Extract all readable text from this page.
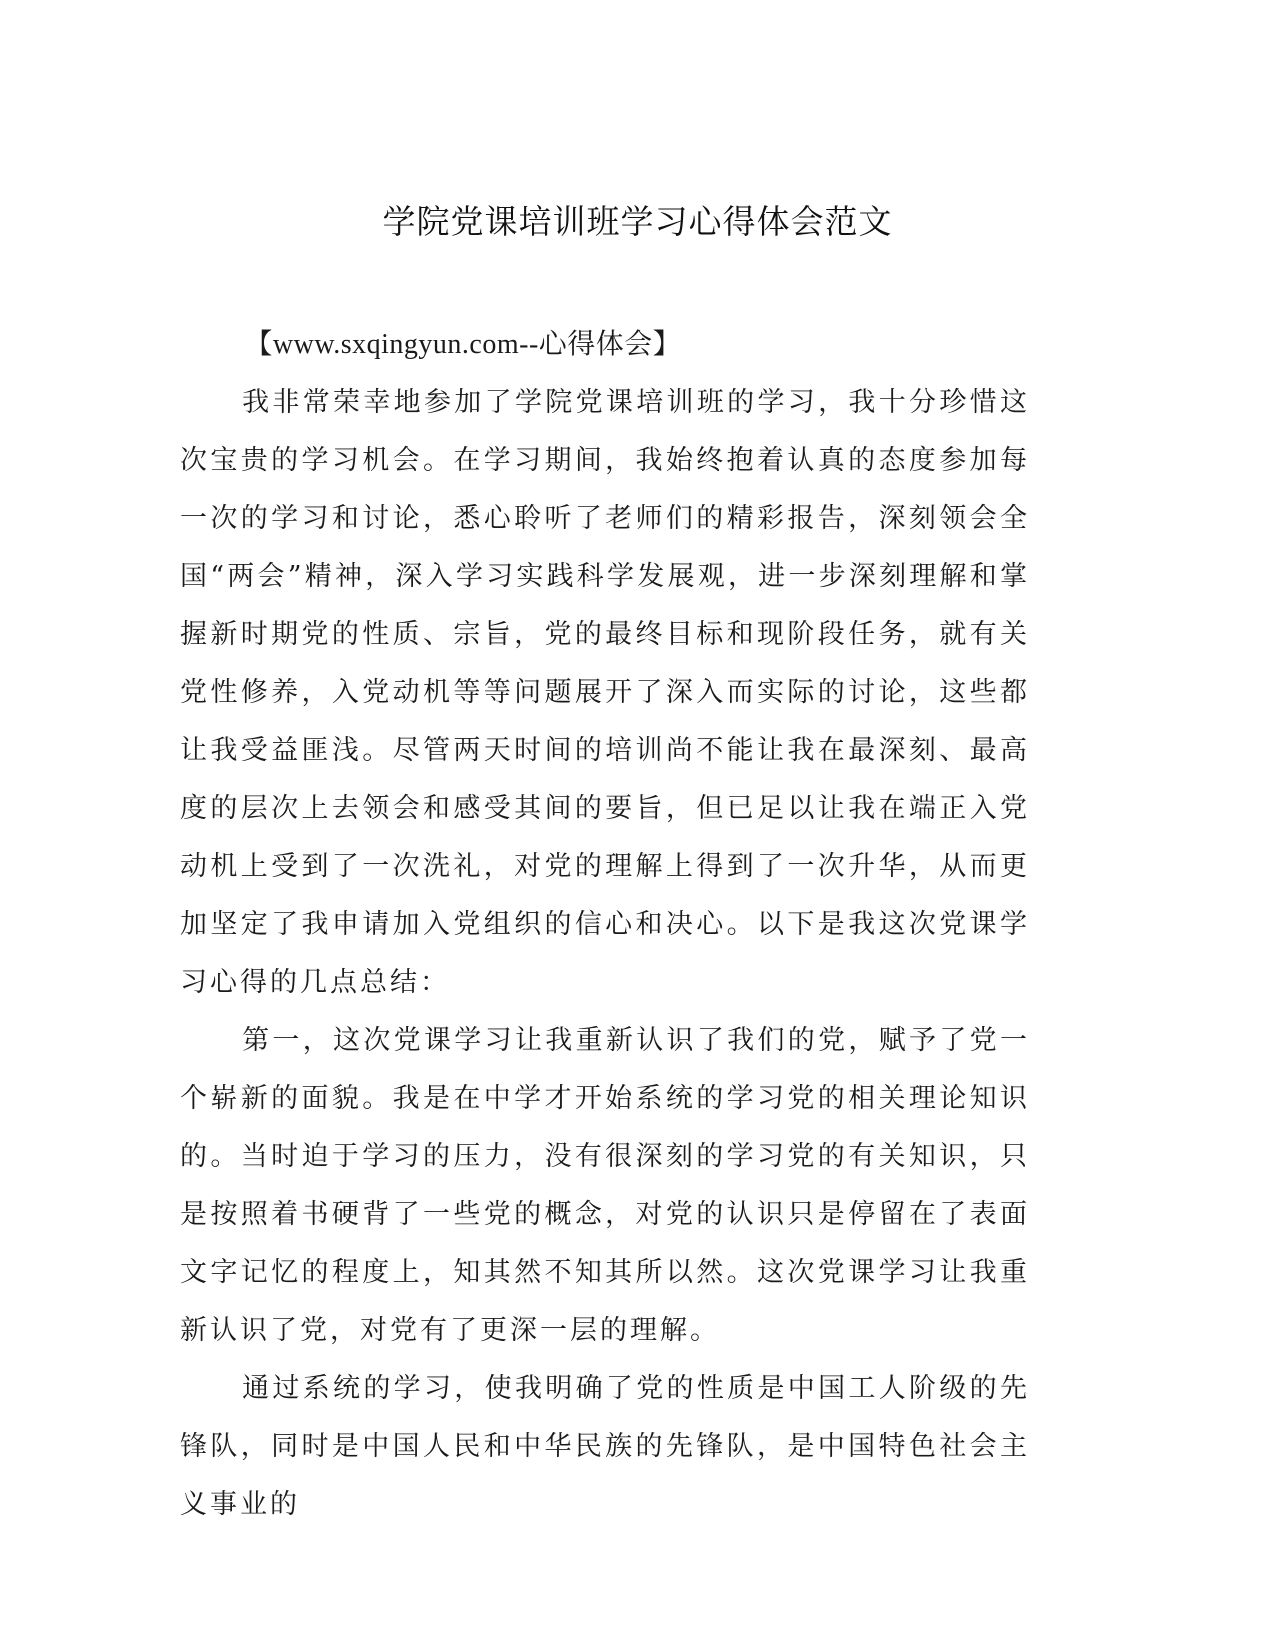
学院党课培训班学习心得体会范文

【www.sxqingyun.com--心得体会】

我非常荣幸地参加了学院党课培训班的学习，我十分珍惜这次宝贵的学习机会。在学习期间，我始终抱着认真的态度参加每一次的学习和讨论，悉心聆听了老师们的精彩报告，深刻领会全国“两会”精神，深入学习实践科学发展观，进一步深刻理解和掌握新时期党的性质、宗旨，党的最终目标和现阶段任务，就有关党性修养，入党动机等等问题展开了深入而实际的讨论，这些都让我受益匪浅。尽管两天时间的培训尚不能让我在最深刻、最高度的层次上去领会和感受其间的要旨，但已足以让我在端正入党动机上受到了一次洗礼，对党的理解上得到了一次升华，从而更加坚定了我申请加入党组织的信心和决心。以下是我这次党课学习心得的几点总结：

第一，这次党课学习让我重新认识了我们的党，赋予了党一个崭新的面貌。我是在中学才开始系统的学习党的相关理论知识的。当时迫于学习的压力，没有很深刻的学习党的有关知识，只是按照着书硬背了一些党的概念，对党的认识只是停留在了表面文字记忆的程度上，知其然不知其所以然。这次党课学习让我重新认识了党，对党有了更深一层的理解。

通过系统的学习，使我明确了党的性质是中国工人阶级的先锋队，同时是中国人民和中华民族的先锋队，是中国特色社会主义事业的
